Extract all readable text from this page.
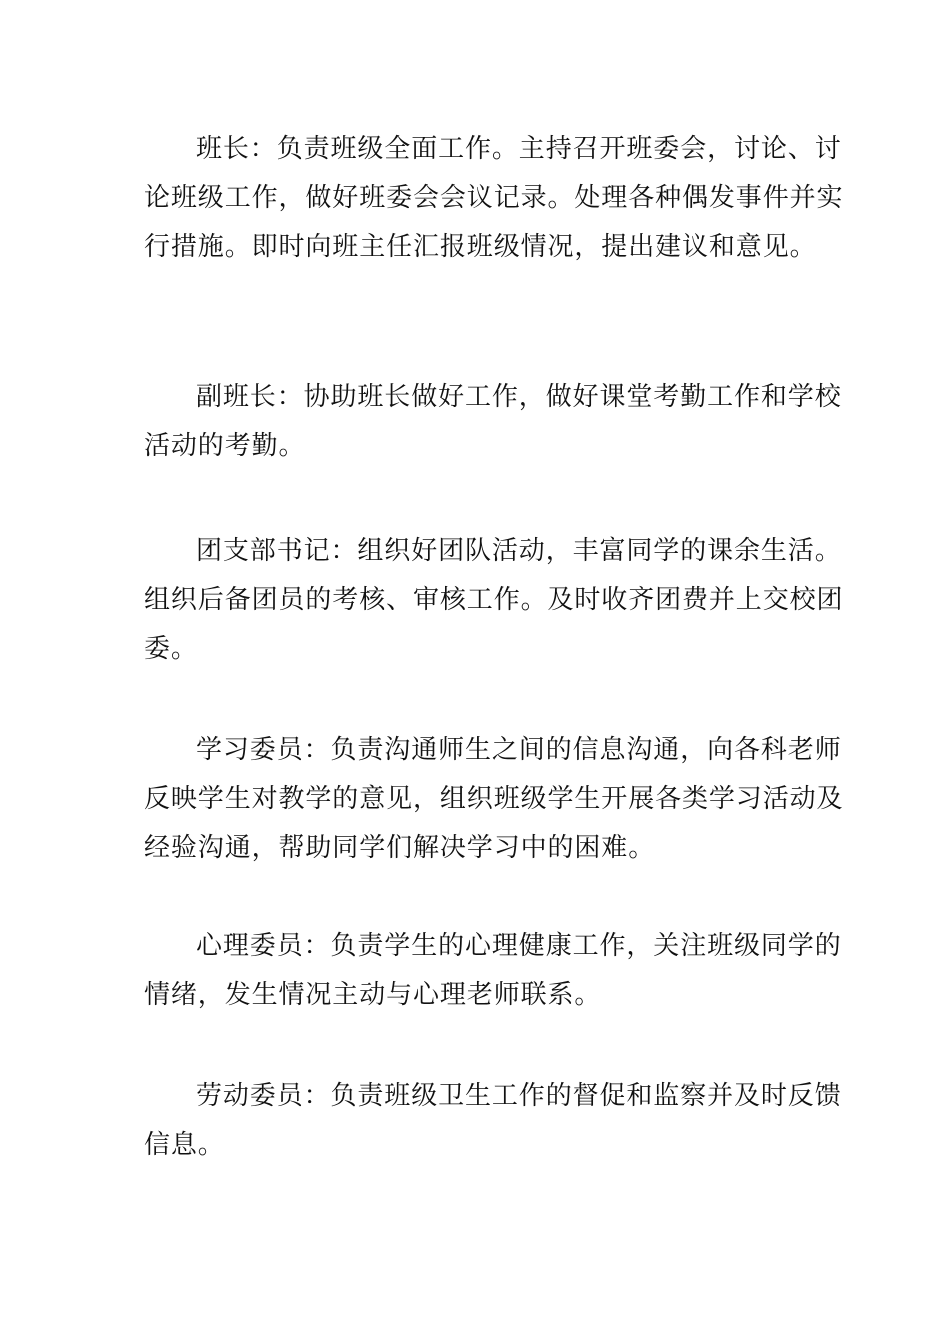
班长：负责班级全面工作。主持召开班委会，讨论、讨论班级工作，做好班委会会议记录。处理各种偶发事件并实行措施。即时向班主任汇报班级情况，提出建议和意见。

副班长：协助班长做好工作，做好课堂考勤工作和学校活动的考勤。

团支部书记：组织好团队活动，丰富同学的课余生活。组织后备团员的考核、审核工作。及时收齐团费并上交校团委。

学习委员：负责沟通师生之间的信息沟通，向各科老师反映学生对教学的意见，组织班级学生开展各类学习活动及经验沟通，帮助同学们解决学习中的困难。

心理委员：负责学生的心理健康工作，关注班级同学的情绪，发生情况主动与心理老师联系。

劳动委员：负责班级卫生工作的督促和监察并及时反馈信息。
